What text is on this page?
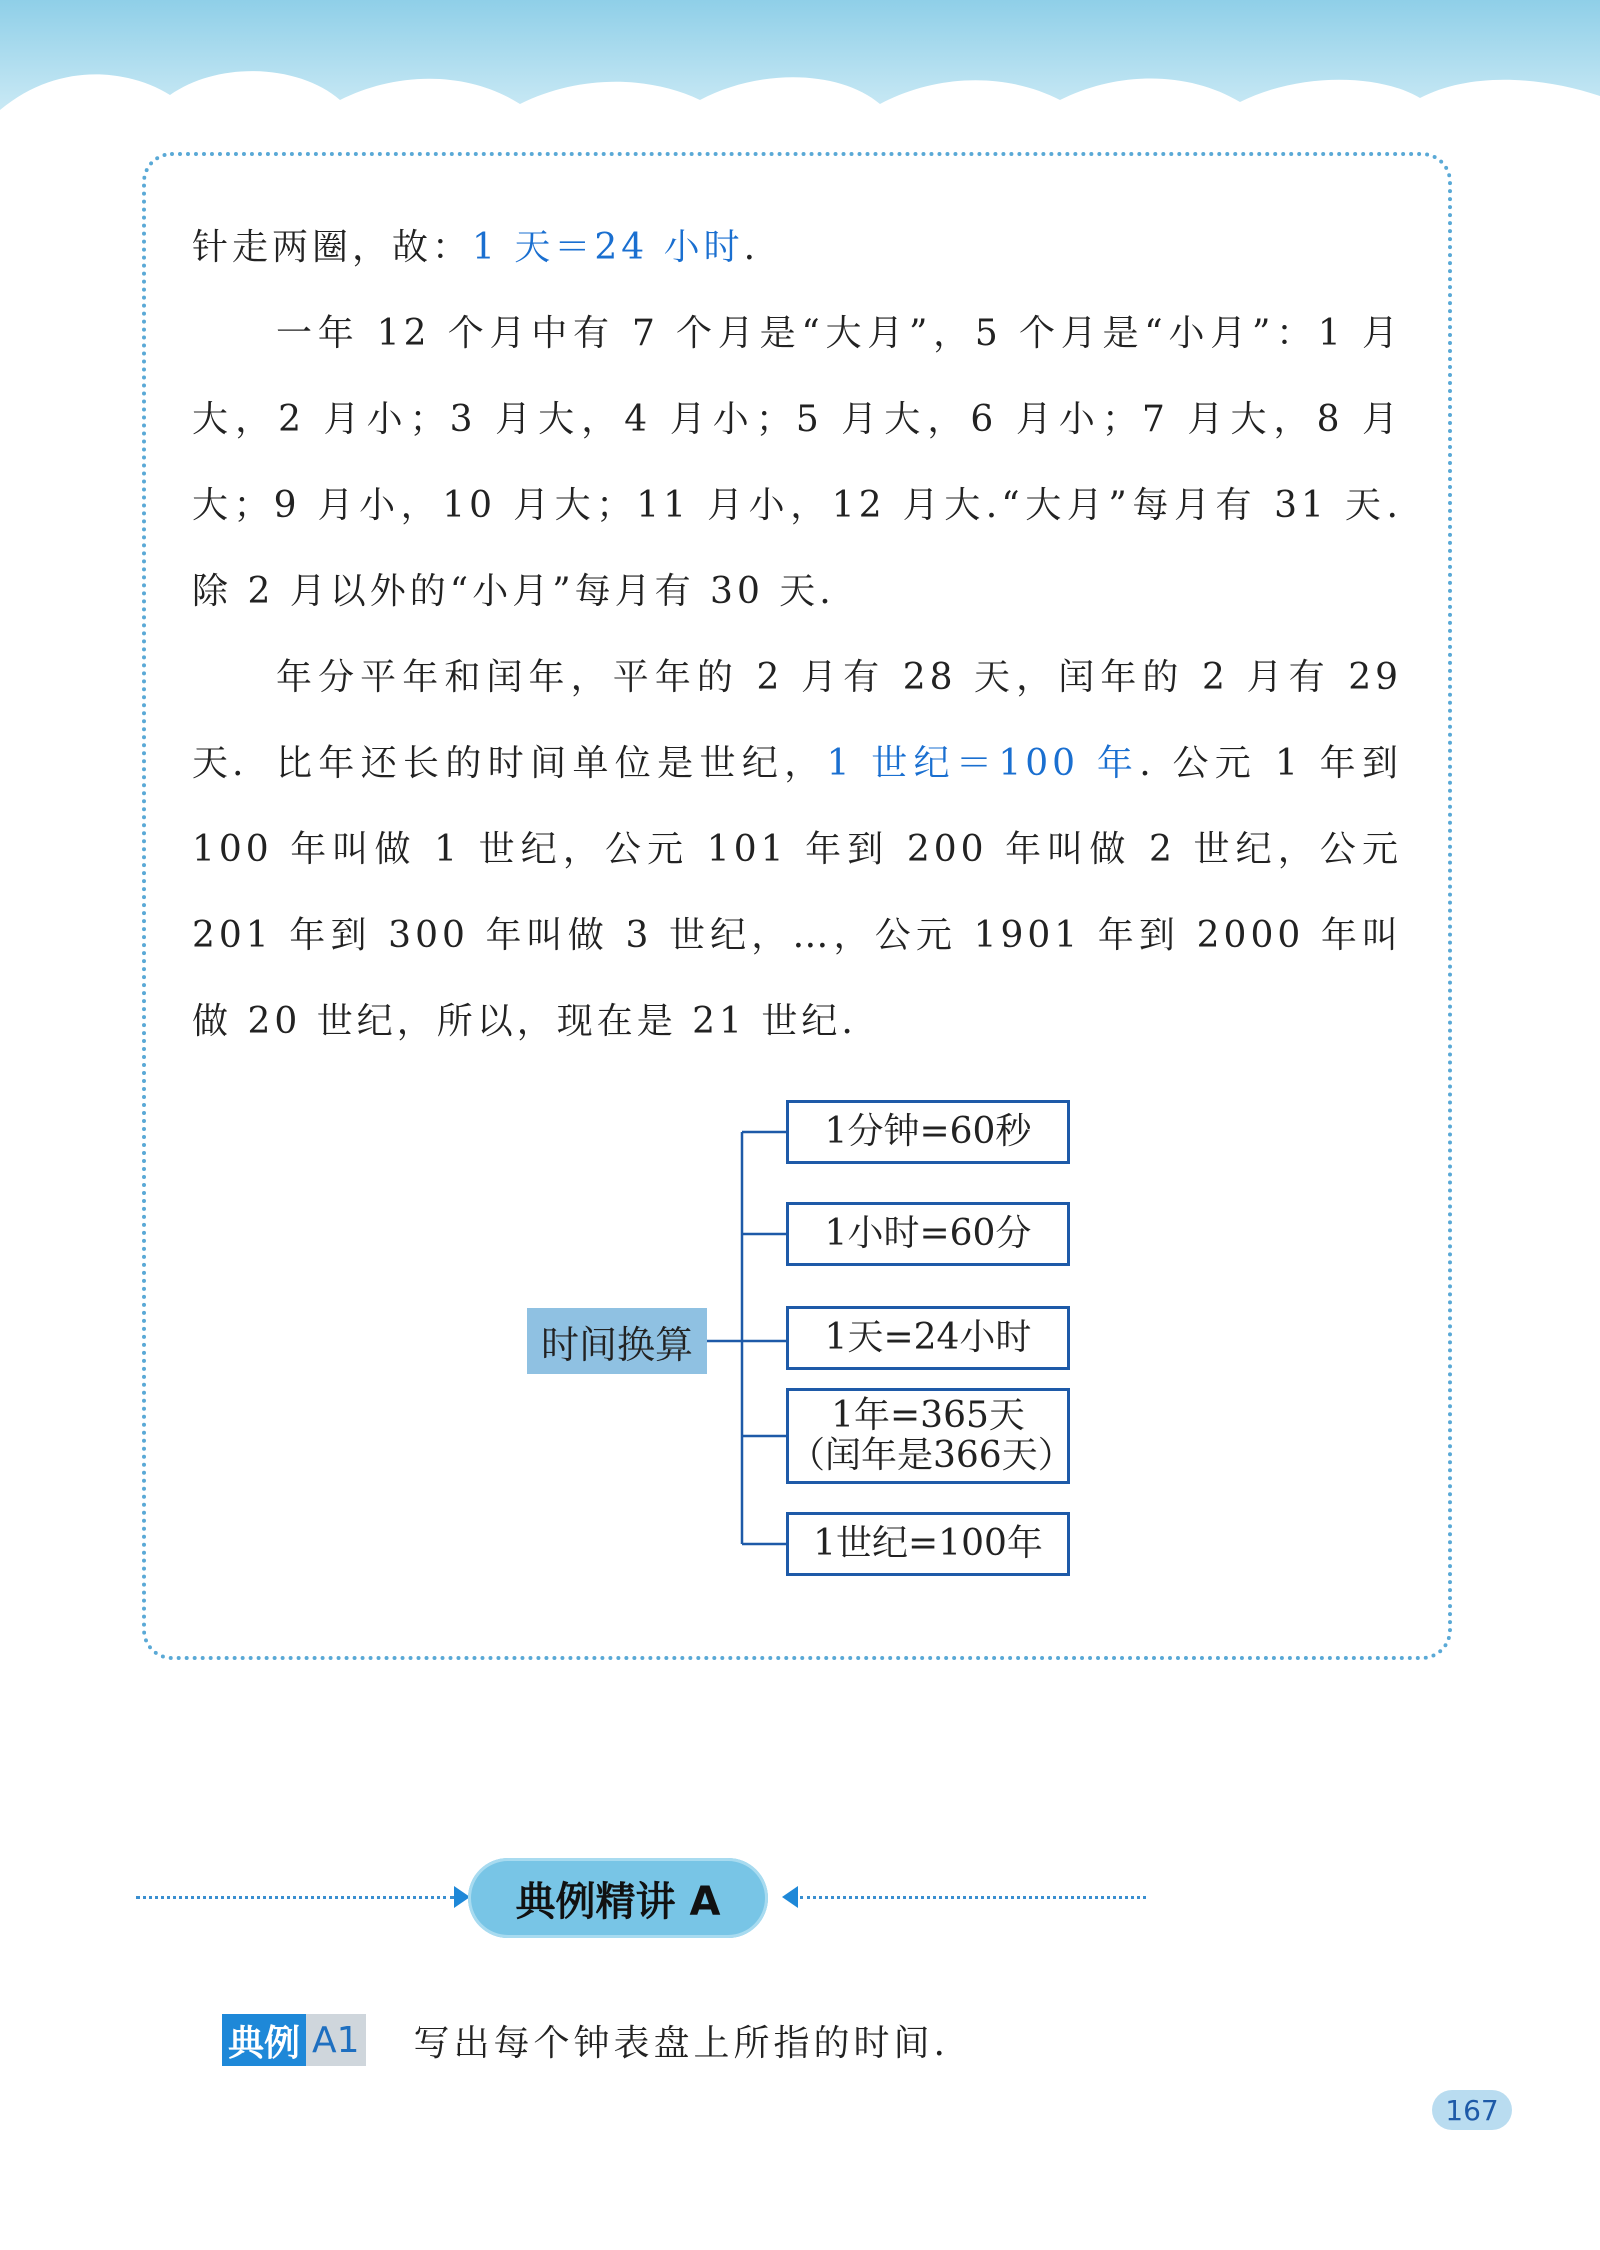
针走两圈，故：1 天＝24 小时.

一年 12 个月中有 7 个月是“大月”，5 个月是“小月”：1 月大，2 月小；3 月大，4 月小；5 月大，6 月小；7 月大，8 月大；9 月小，10 月大；11 月小，12 月大.“大月”每月有 31 天. 除 2 月以外的“小月”每月有 30 天.

年分平年和闰年，平年的 2 月有 28 天，闰年的 2 月有 29 天. 比年还长的时间单位是世纪，1 世纪＝100 年. 公元 1 年到 100 年叫做 1 世纪，公元 101 年到 200 年叫做 2 世纪，公元 201 年到 300 年叫做 3 世纪，…，公元 1901 年到 2000 年叫做 20 世纪，所以，现在是 21 世纪.

时间换算
1分钟=60秒
1小时=60分
1天=24小时
1年=365天
（闰年是366天）
1世纪=100年
典例精讲 A
典例 A1 写出每个钟表盘上所指的时间.
167
